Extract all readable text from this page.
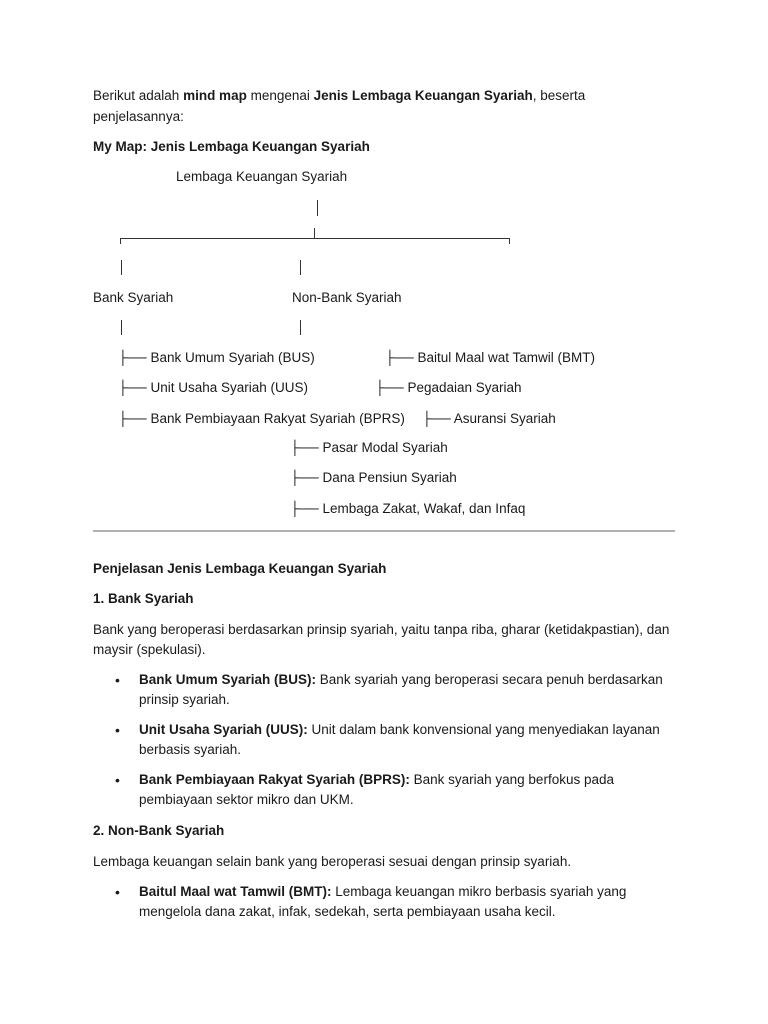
Berikut adalah mind map mengenai Jenis Lembaga Keuangan Syariah, beserta
penjelasannya:
My Map: Jenis Lembaga Keuangan Syariah
Lembaga Keuangan Syariah
Bank Syariah	Non-Bank Syariah
├── Bank Umum Syariah (BUS)
├── Unit Usaha Syariah (UUS)
├── Bank Pembiayaan Rakyat Syariah (BPRS)
├── Baitul Maal wat Tamwil (BMT)
├── Pegadaian Syariah
├── Asuransi Syariah
├── Pasar Modal Syariah
├── Dana Pensiun Syariah
├── Lembaga Zakat, Wakaf, dan Infaq
Penjelasan Jenis Lembaga Keuangan Syariah
1. Bank Syariah
Bank yang beroperasi berdasarkan prinsip syariah, yaitu tanpa riba, gharar (ketidakpastian), dan maysir (spekulasi).
• Bank Umum Syariah (BUS): Bank syariah yang beroperasi secara penuh berdasarkan prinsip syariah.
• Unit Usaha Syariah (UUS): Unit dalam bank konvensional yang menyediakan layanan berbasis syariah.
• Bank Pembiayaan Rakyat Syariah (BPRS): Bank syariah yang berfokus pada pembiayaan sektor mikro dan UKM.
2. Non-Bank Syariah
Lembaga keuangan selain bank yang beroperasi sesuai dengan prinsip syariah.
• Baitul Maal wat Tamwil (BMT): Lembaga keuangan mikro berbasis syariah yang mengelola dana zakat, infak, sedekah, serta pembiayaan usaha kecil.
